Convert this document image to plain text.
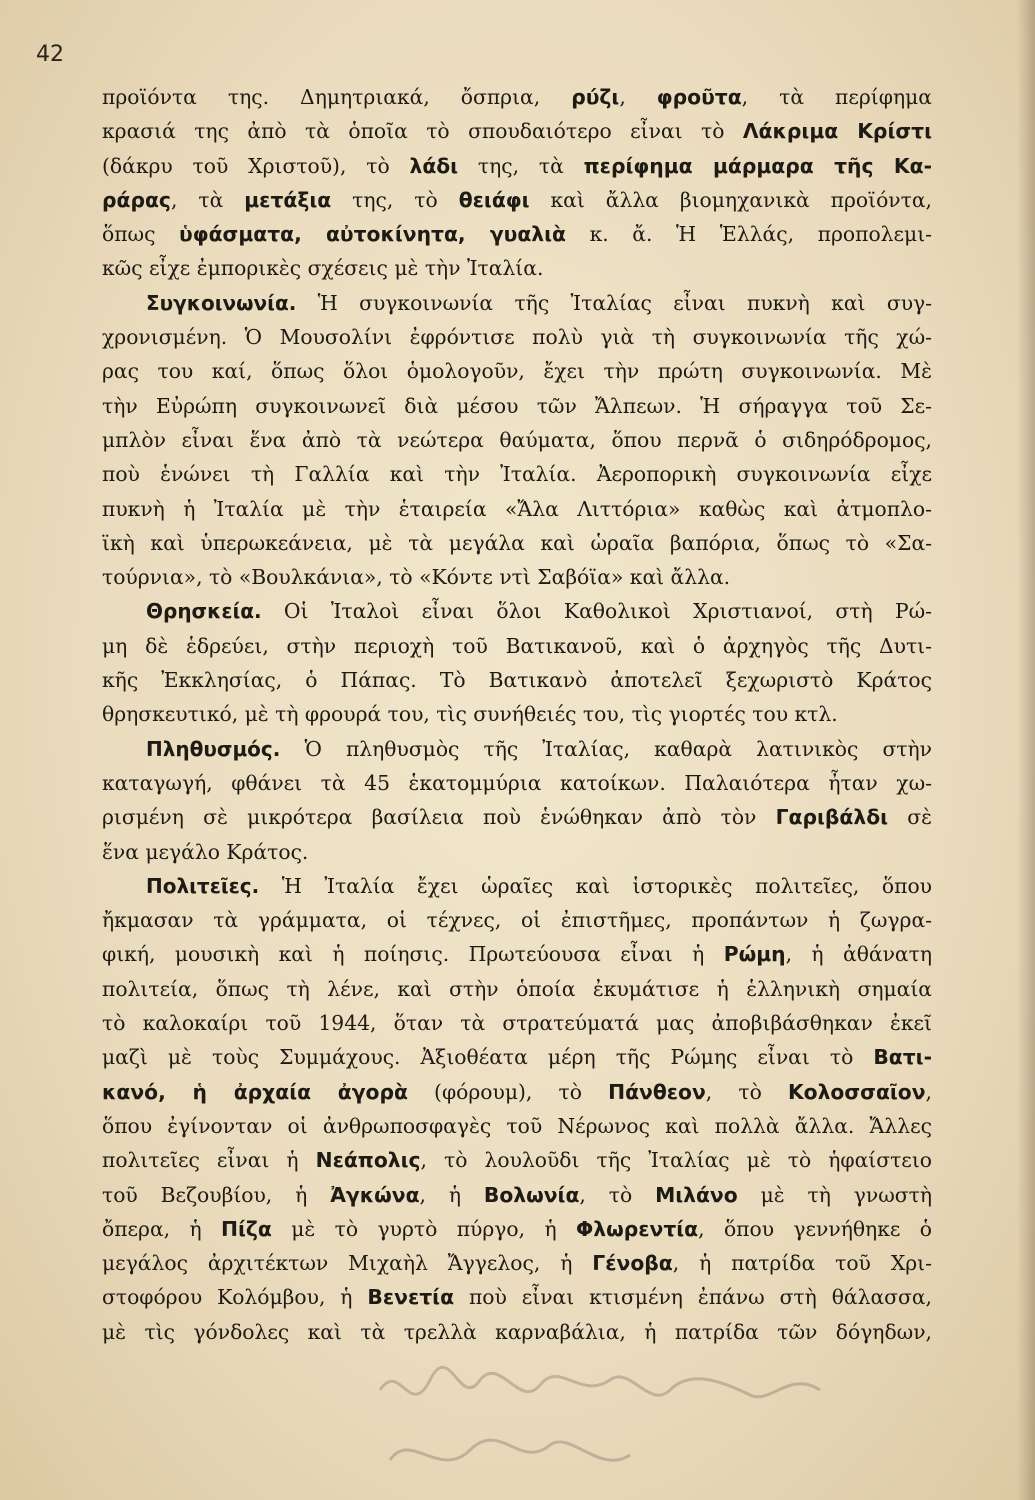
42
προϊόντα της. Δημητριακά, ὄσπρια, ρύζι, φροῦτα, τὰ περίφημα
κρασιά της ἀπὸ τὰ ὁποῖα τὸ σπουδαιότερο εἶναι τὸ Λάκριμα Κρίστι
(δάκρυ τοῦ Χριστοῦ), τὸ λάδι της, τὰ περίφημα μάρμαρα τῆς Κα-
ράρας, τὰ μετάξια της, τὸ θειάφι καὶ ἄλλα βιομηχανικὰ προϊόντα,
ὅπως ὑφάσματα, αὐτοκίνητα, γυαλιὰ κ. ἄ. Ἡ Ἑλλάς, προπολεμι-
κῶς εἶχε ἐμπορικὲς σχέσεις μὲ τὴν Ἰταλία.
Συγκοινωνία. Ἡ συγκοινωνία τῆς Ἰταλίας εἶναι πυκνὴ καὶ συγ-
χρονισμένη. Ὁ Μουσολίνι ἐφρόντισε πολὺ γιὰ τὴ συγκοινωνία τῆς χώ-
ρας του καί, ὅπως ὅλοι ὁμολογοῦν, ἔχει τὴν πρώτη συγκοινωνία. Μὲ
τὴν Εὐρώπη συγκοινωνεῖ διὰ μέσου τῶν Ἄλπεων. Ἡ σήραγγα τοῦ Σε-
μπλὸν εἶναι ἕνα ἀπὸ τὰ νεώτερα θαύματα, ὅπου περνᾶ ὁ σιδηρόδρομος,
ποὺ ἑνώνει τὴ Γαλλία καὶ τὴν Ἰταλία. Ἀεροπορικὴ συγκοινωνία εἶχε
πυκνὴ ἡ Ἰταλία μὲ τὴν ἑταιρεία «Ἄλα Λιττόρια» καθὼς καὶ ἀτμοπλο-
ϊκὴ καὶ ὑπερωκεάνεια, μὲ τὰ μεγάλα καὶ ὡραῖα βαπόρια, ὅπως τὸ «Σα-
τούρνια», τὸ «Βουλκάνια», τὸ «Κόντε ντὶ Σαβόϊα» καὶ ἄλλα.
Θρησκεία. Οἱ Ἰταλοὶ εἶναι ὅλοι Καθολικοὶ Χριστιανοί, στὴ Ρώ-
μη δὲ ἑδρεύει, στὴν περιοχὴ τοῦ Βατικανοῦ, καὶ ὁ ἀρχηγὸς τῆς Δυτι-
κῆς Ἐκκλησίας, ὁ Πάπας. Τὸ Βατικανὸ ἀποτελεῖ ξεχωριστὸ Κράτος
θρησκευτικό, μὲ τὴ φρουρά του, τὶς συνήθειές του, τὶς γιορτές του κτλ.
Πληθυσμός. Ὁ πληθυσμὸς τῆς Ἰταλίας, καθαρὰ λατινικὸς στὴν
καταγωγή, φθάνει τὰ 45 ἑκατομμύρια κατοίκων. Παλαιότερα ἦταν χω-
ρισμένη σὲ μικρότερα βασίλεια ποὺ ἑνώθηκαν ἀπὸ τὸν Γαριβάλδι σὲ
ἕνα μεγάλο Κράτος.
Πολιτεῖες. Ἡ Ἰταλία ἔχει ὡραῖες καὶ ἱστορικὲς πολιτεῖες, ὅπου
ἤκμασαν τὰ γράμματα, οἱ τέχνες, οἱ ἐπιστῆμες, προπάντων ἡ ζωγρα-
φική, μουσικὴ καὶ ἡ ποίησις. Πρωτεύουσα εἶναι ἡ Ρώμη, ἡ ἀθάνατη
πολιτεία, ὅπως τὴ λένε, καὶ στὴν ὁποία ἐκυμάτισε ἡ ἑλληνικὴ σημαία
τὸ καλοκαίρι τοῦ 1944, ὅταν τὰ στρατεύματά μας ἀποβιβάσθηκαν ἐκεῖ
μαζὶ μὲ τοὺς Συμμάχους. Ἀξιοθέατα μέρη τῆς Ρώμης εἶναι τὸ Βατι-
κανό, ἡ ἀρχαία ἀγορὰ (φόρουμ), τὸ Πάνθεον, τὸ Κολοσσαῖον,
ὅπου ἐγίνονταν οἱ ἀνθρωποσφαγὲς τοῦ Νέρωνος καὶ πολλὰ ἄλλα. Ἄλλες
πολιτεῖες εἶναι ἡ Νεάπολις, τὸ λουλοῦδι τῆς Ἰταλίας μὲ τὸ ἡφαίστειο
τοῦ Βεζουβίου, ἡ Ἀγκώνα, ἡ Βολωνία, τὸ Μιλάνο μὲ τὴ γνωστὴ
ὄπερα, ἡ Πίζα μὲ τὸ γυρτὸ πύργο, ἡ Φλωρεντία, ὅπου γεννήθηκε ὁ
μεγάλος ἀρχιτέκτων Μιχαὴλ Ἄγγελος, ἡ Γένοβα, ἡ πατρίδα τοῦ Χρι-
στοφόρου Κολόμβου, ἡ Βενετία ποὺ εἶναι κτισμένη ἐπάνω στὴ θάλασσα,
μὲ τὶς γόνδολες καὶ τὰ τρελλὰ καρναβάλια, ἡ πατρίδα τῶν δόγηδων,
